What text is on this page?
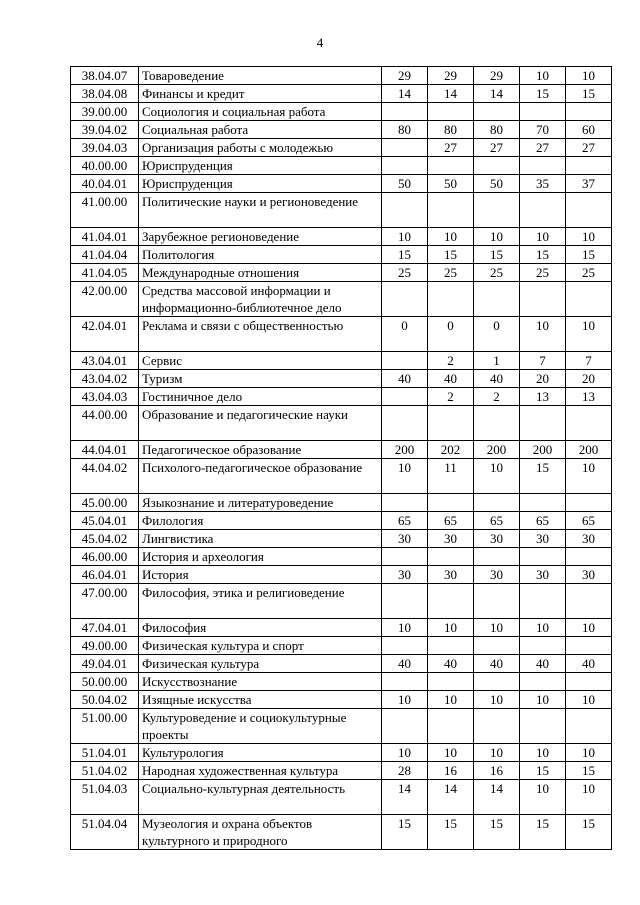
4
38.04.07	Товароведение	29	29	29	10	10
38.04.08	Финансы и кредит	14	14	14	15	15
39.00.00	Социология и социальная работа					
39.04.02	Социальная работа	80	80	80	70	60
39.04.03	Организация работы с молодежью		27	27	27	27
40.00.00	Юриспруденция					
40.04.01	Юриспруденция	50	50	50	35	37
41.00.00	Политические науки и регионоведение					
41.04.01	Зарубежное регионоведение	10	10	10	10	10
41.04.04	Политология	15	15	15	15	15
41.04.05	Международные отношения	25	25	25	25	25
42.00.00	Средства массовой информации и информационно-библиотечное дело					
42.04.01	Реклама и связи с общественностью	0	0	0	10	10
43.04.01	Сервис		2	1	7	7
43.04.02	Туризм	40	40	40	20	20
43.04.03	Гостиничное дело		2	2	13	13
44.00.00	Образование и педагогические науки					
44.04.01	Педагогическое образование	200	202	200	200	200
44.04.02	Психолого-педагогическое образование	10	11	10	15	10
45.00.00	Языкознание и литературоведение					
45.04.01	Филология	65	65	65	65	65
45.04.02	Лингвистика	30	30	30	30	30
46.00.00	История и археология					
46.04.01	История	30	30	30	30	30
47.00.00	Философия, этика и религиоведение					
47.04.01	Философия	10	10	10	10	10
49.00.00	Физическая культура и спорт					
49.04.01	Физическая культура	40	40	40	40	40
50.00.00	Искусствознание					
50.04.02	Изящные искусства	10	10	10	10	10
51.00.00	Культуроведение и социокультурные проекты					
51.04.01	Культурология	10	10	10	10	10
51.04.02	Народная художественная культура	28	16	16	15	15
51.04.03	Социально-культурная деятельность	14	14	14	10	10
51.04.04	Музеология и охрана объектов культурного и природного	15	15	15	15	15
